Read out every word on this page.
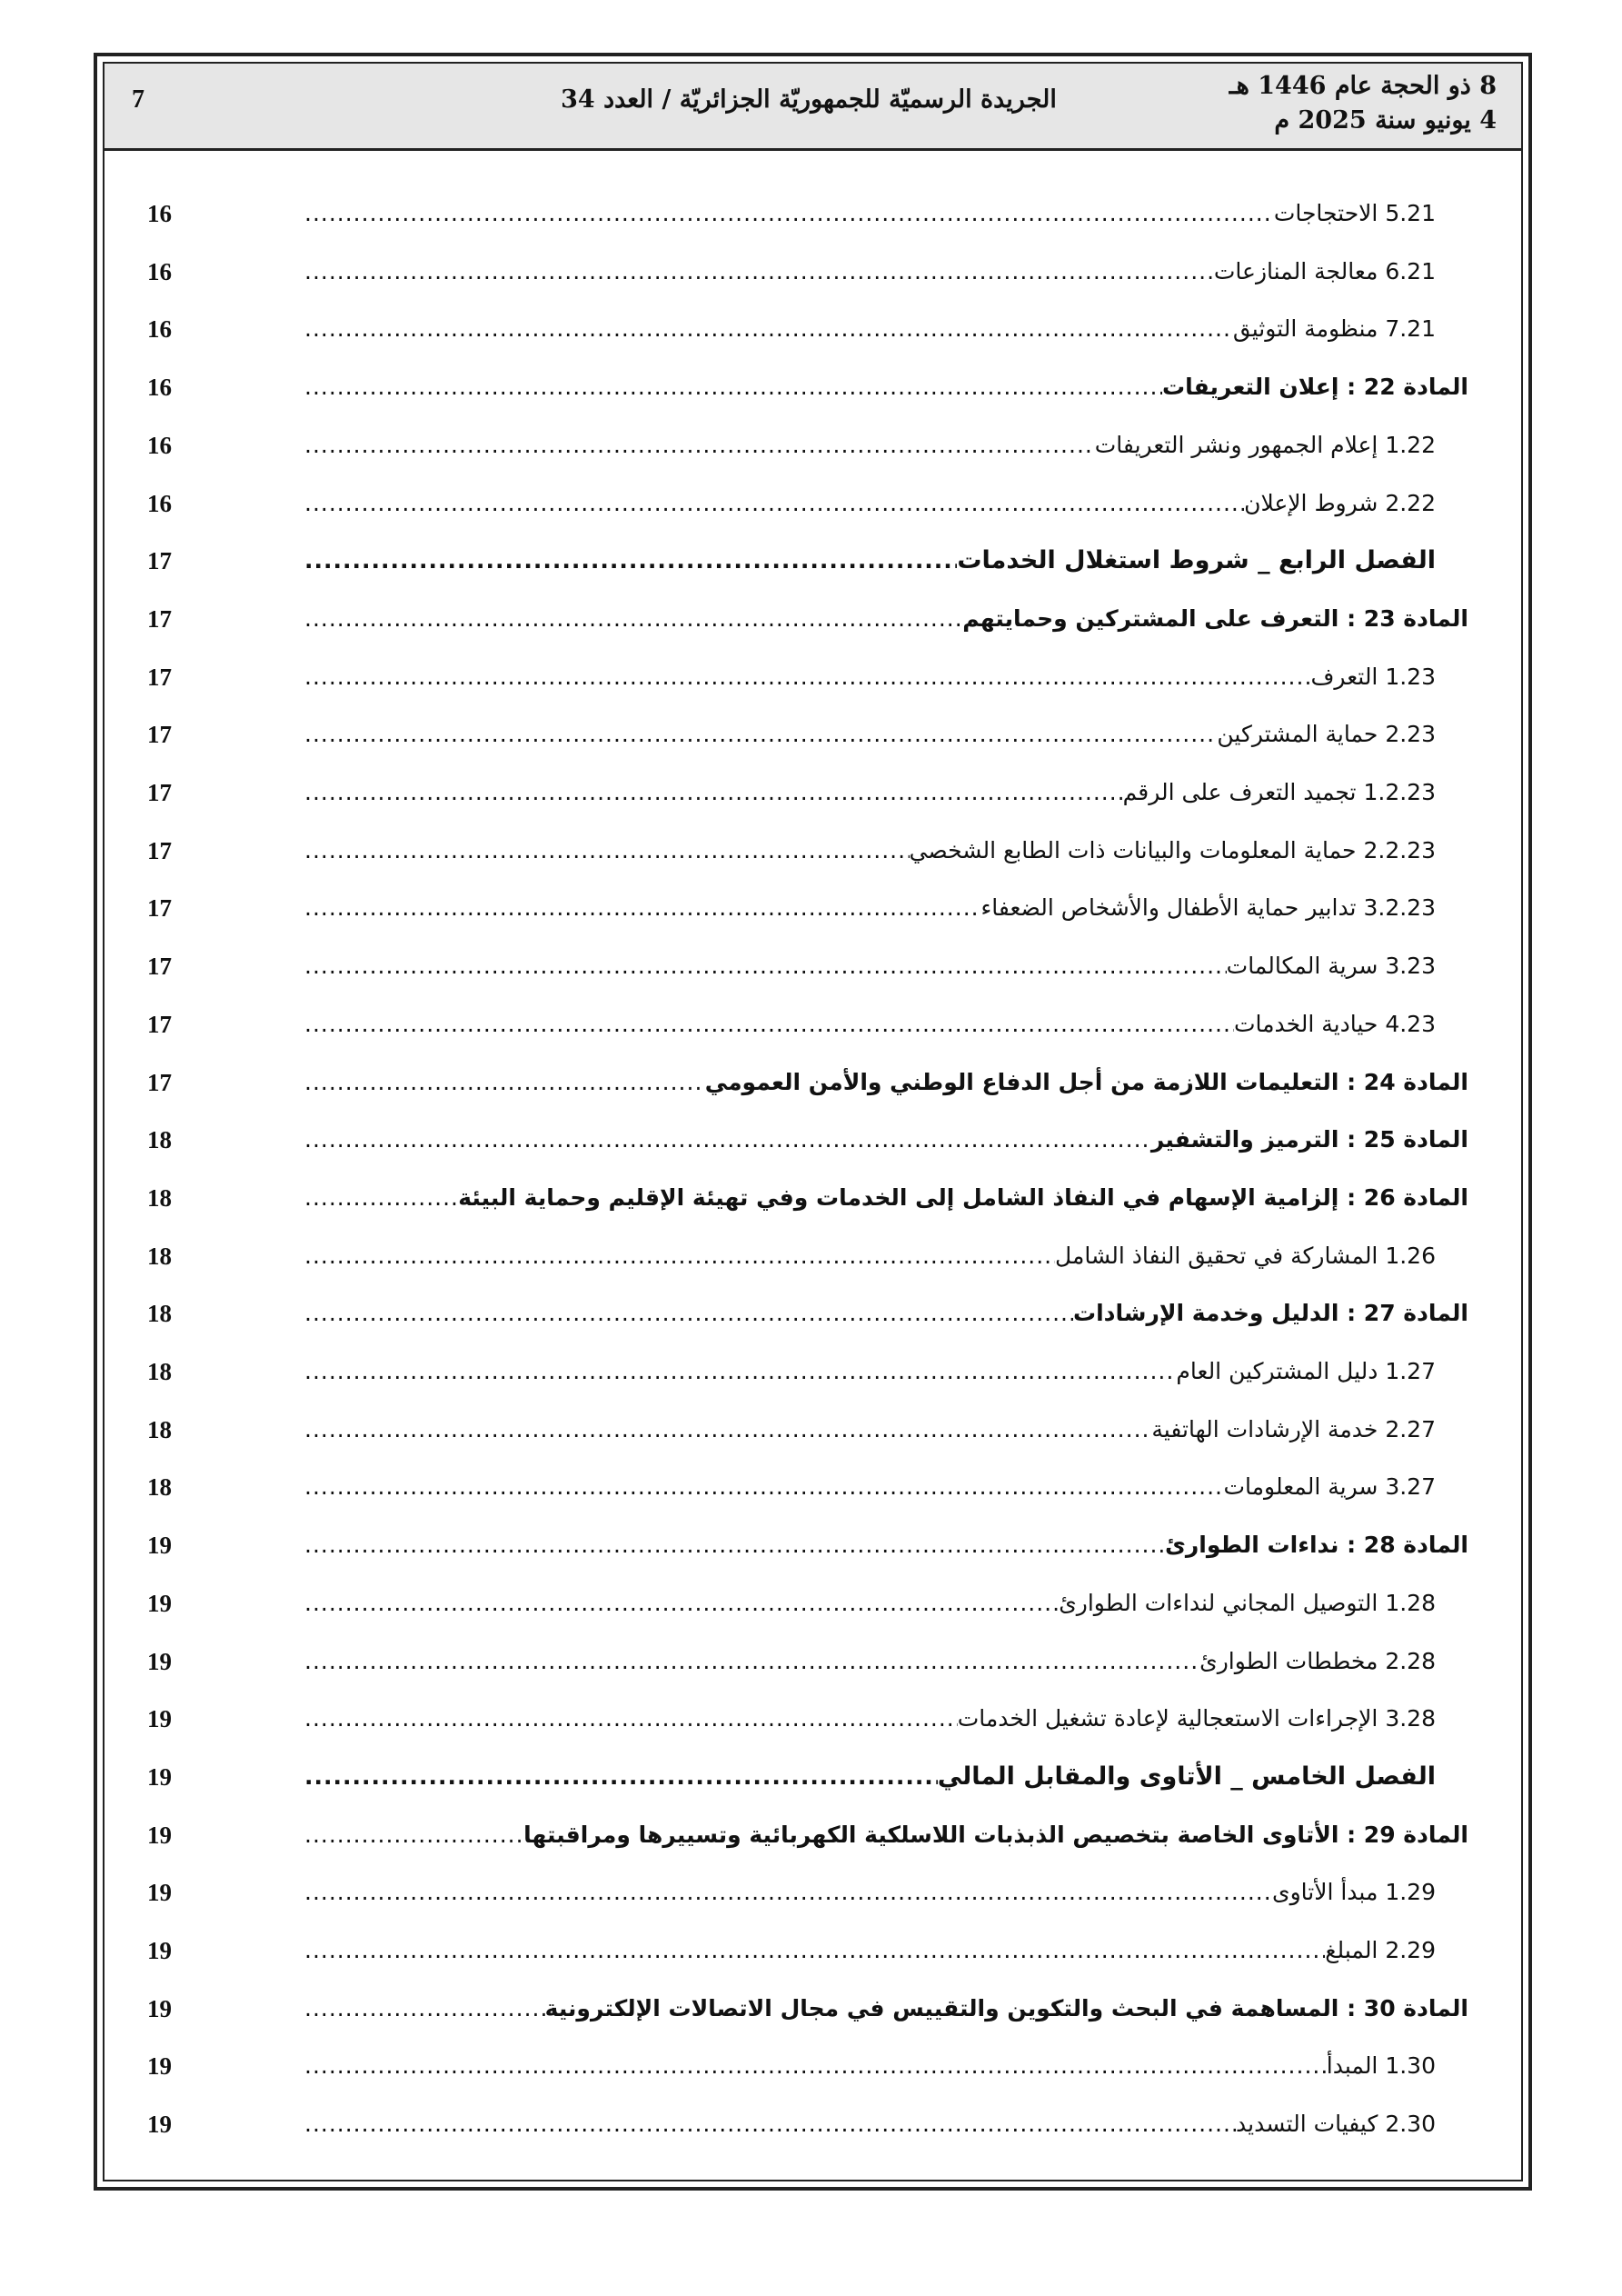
8 ذو الحجة عام 1446 هـ
4 يونيو سنة 2025 م
الجريدة الرسميّة للجمهوريّة الجزائريّة / العدد 34
7
16	5.21 الاحتجاجات
.....
16	6.21 معالجة المنازعات
.....
16	7.21 منظومة التوثيق
.....
16	المادة 22 : إعلان التعريفات
.....
16	1.22 إعلام الجمهور ونشر التعريفات
.....
16	2.22 شروط الإعلان
.....
17	الفصل الرابع _ شروط استغلال الخدمات
.....
17	المادة 23 : التعرف على المشتركين وحمايتهم
.....
17	1.23 التعرف
.....
17	2.23 حماية المشتركين
.....
17	1.2.23 تجميد التعرف على الرقم
.....
17	2.2.23 حماية المعلومات والبيانات ذات الطابع الشخصي
.....
17	3.2.23 تدابير حماية الأطفال والأشخاص الضعفاء
.....
17	3.23 سرية المكالمات
.....
17	4.23 حيادية الخدمات
.....
17	المادة 24 : التعليمات اللازمة من أجل الدفاع الوطني والأمن العمومي
.....
18	المادة 25 : الترميز والتشفير
.....
18	المادة 26 : إلزامية الإسهام في النفاذ الشامل إلى الخدمات وفي تهيئة الإقليم وحماية البيئة
.....
18	1.26 المشاركة في تحقيق النفاذ الشامل
.....
18	المادة 27 : الدليل وخدمة الإرشادات
.....
18	1.27 دليل المشتركين العام
.....
18	2.27 خدمة الإرشادات الهاتفية
.....
18	3.27 سرية المعلومات
.....
19	المادة 28 : نداءات الطوارئ
.....
19	1.28 التوصيل المجاني لنداءات الطوارئ
.....
19	2.28 مخططات الطوارئ
.....
19	3.28 الإجراءات الاستعجالية لإعادة تشغيل الخدمات
.....
19	الفصل الخامس _ الأتاوى والمقابل المالي
.....
19	المادة 29 : الأتاوى الخاصة بتخصيص الذبذبات اللاسلكية الكهربائية وتسييرها ومراقبتها
.....
19	1.29 مبدأ الأتاوى
.....
19	2.29 المبلغ
.....
19	المادة 30 : المساهمة في البحث والتكوين والتقييس في مجال الاتصالات الإلكترونية
.....
19	1.30 المبدأ
.....
19	2.30 كيفيات التسديد
.....
